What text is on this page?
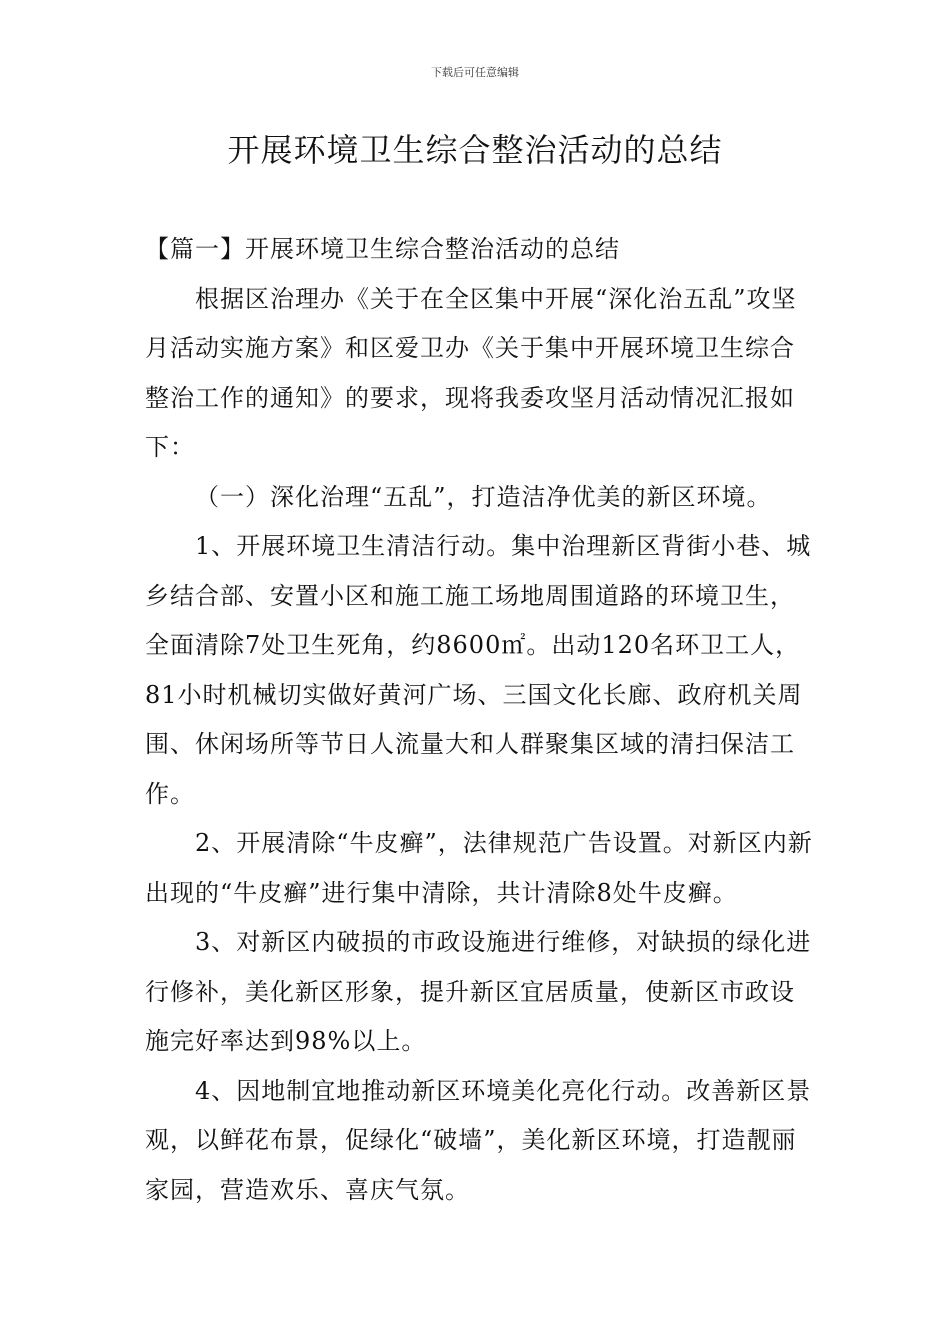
下载后可任意编辑
开展环境卫生综合整治活动的总结

【篇一】开展环境卫生综合整治活动的总结

根据区治理办《关于在全区集中开展“深化治五乱”攻坚月活动实施方案》和区爱卫办《关于集中开展环境卫生综合整治工作的通知》的要求，现将我委攻坚月活动情况汇报如下：

（一）深化治理“五乱”，打造洁净优美的新区环境。

1、开展环境卫生清洁行动。集中治理新区背街小巷、城乡结合部、安置小区和施工施工场地周围道路的环境卫生，全面清除7处卫生死角，约8600㎡。出动120名环卫工人，81小时机械切实做好黄河广场、三国文化长廊、政府机关周围、休闲场所等节日人流量大和人群聚集区域的清扫保洁工作。

2、开展清除“牛皮癣”，法律规范广告设置。对新区内新出现的“牛皮癣”进行集中清除，共计清除8处牛皮癣。

3、对新区内破损的市政设施进行维修，对缺损的绿化进行修补，美化新区形象，提升新区宜居质量，使新区市政设施完好率达到98%以上。

4、因地制宜地推动新区环境美化亮化行动。改善新区景观，以鲜花布景，促绿化“破墙”，美化新区环境，打造靓丽家园，营造欢乐、喜庆气氛。
